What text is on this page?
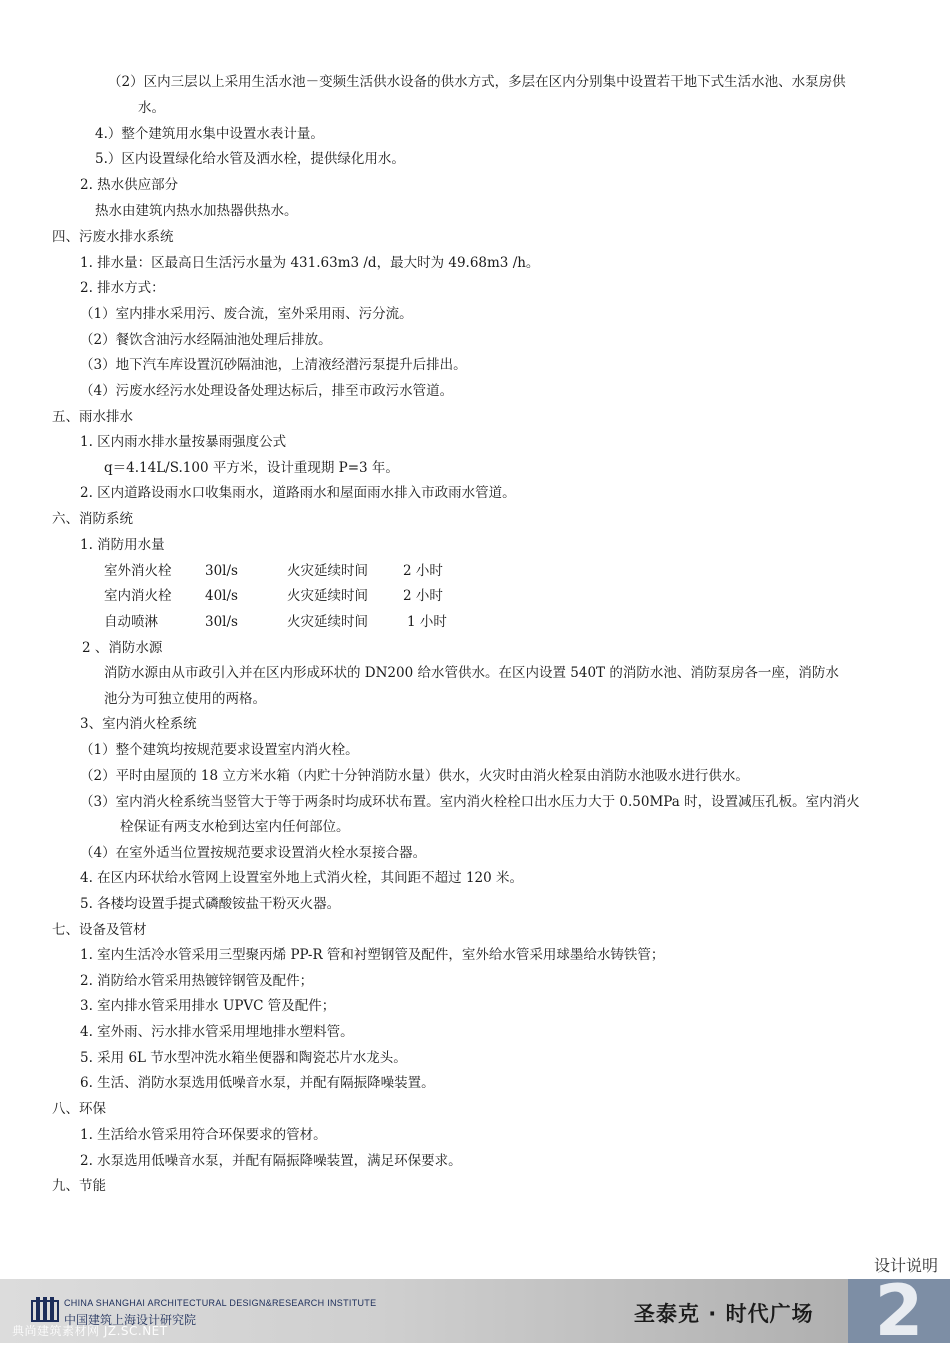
（2）区内三层以上采用生活水池－变频生活供水设备的供水方式，多层在区内分别集中设置若干地下式生活水池、水泵房供
水。
4.）整个建筑用水集中设置水表计量。
5.）区内设置绿化给水管及洒水栓，提供绿化用水。
2. 热水供应部分
热水由建筑内热水加热器供热水。
四、污废水排水系统
1. 排水量：区最高日生活污水量为 431.63m3 /d，最大时为 49.68m3 /h。
2. 排水方式：
（1）室内排水采用污、废合流，室外采用雨、污分流。
（2）餐饮含油污水经隔油池处理后排放。
（3）地下汽车库设置沉砂隔油池，上清液经潜污泵提升后排出。
（4）污废水经污水处理设备处理达标后，排至市政污水管道。
五、雨水排水
1. 区内雨水排水量按暴雨强度公式
q＝4.14L/S.100 平方米，设计重现期 P=3 年。
2. 区内道路设雨水口收集雨水，道路雨水和屋面雨水排入市政雨水管道。
六、消防系统
1. 消防用水量
室外消火栓 30l/s	火灾延续时间	2 小时
室内消火栓 40l/s	火灾延续时间	2 小时
自动喷淋	30l/s	火灾延续时间	1 小时
2 、消防水源
消防水源由从市政引入并在区内形成环状的 DN200 给水管供水。在区内设置 540T 的消防水池、消防泵房各一座，消防水
池分为可独立使用的两格。
3、室内消火栓系统
（1）整个建筑均按规范要求设置室内消火栓。
（2）平时由屋顶的 18 立方米水箱（内贮十分钟消防水量）供水，火灾时由消火栓泵由消防水池吸水进行供水。
（3）室内消火栓系统当竖管大于等于两条时均成环状布置。室内消火栓栓口出水压力大于 0.50MPa 时，设置减压孔板。室内消火
栓保证有两支水枪到达室内任何部位。
（4）在室外适当位置按规范要求设置消火栓水泵接合器。
4. 在区内环状给水管网上设置室外地上式消火栓，其间距不超过 120 米。
5. 各楼均设置手提式磷酸铵盐干粉灭火器。
七、设备及管材
1. 室内生活冷水管采用三型聚丙烯 PP-R 管和衬塑钢管及配件，室外给水管采用球墨给水铸铁管；
2. 消防给水管采用热镀锌钢管及配件；
3. 室内排水管采用排水 UPVC 管及配件；
4. 室外雨、污水排水管采用埋地排水塑料管。
5. 采用 6L 节水型冲洗水箱坐便器和陶瓷芯片水龙头。
6. 生活、消防水泵选用低噪音水泵，并配有隔振降噪装置。
八、环保
1. 生活给水管采用符合环保要求的管材。
2. 水泵选用低噪音水泵，并配有隔振降噪装置，满足环保要求。
九、节能
设计说明
CHINA SHANGHAI ARCHITECTURAL DESIGN&RESEARCH INSTITUTE
中国建筑上海设计研究院
典尚建筑素材网 JZ.SC.NET
圣泰克 · 时代广场 2
